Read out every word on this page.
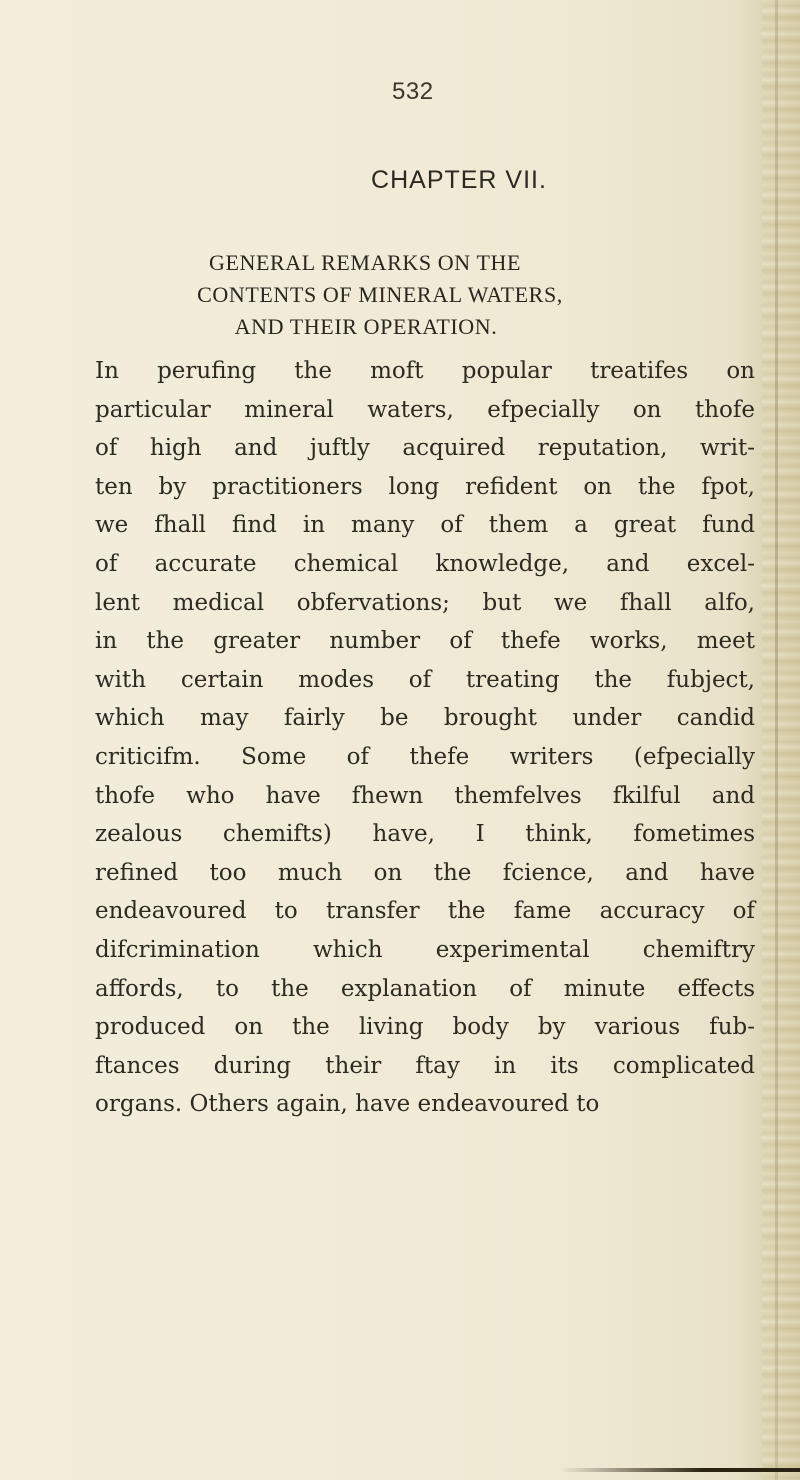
532
CHAPTER VII.
GENERAL REMARKS ON THE
CONTENTS OF MINERAL WATERS,
AND THEIR OPERATION.
In perufing the moft popular treatifes on
particular mineral waters, efpecially on thofe
of high and juftly acquired reputation, writ-
ten by practitioners long refident on the fpot,
we fhall find in many of them a great fund
of accurate chemical knowledge, and excel-
lent medical obfervations; but we fhall alfo,
in the greater number of thefe works, meet
with certain modes of treating the fubject,
which may fairly be brought under candid
criticifm. Some of thefe writers (efpecially
thofe who have fhewn themfelves fkilful and
zealous chemifts) have, I think, fometimes
refined too much on the fcience, and have
endeavoured to transfer the fame accuracy of
difcrimination which experimental chemiftry
affords, to the explanation of minute effects
produced on the living body by various fub-
ftances during their ftay in its complicated
organs. Others again, have endeavoured to
